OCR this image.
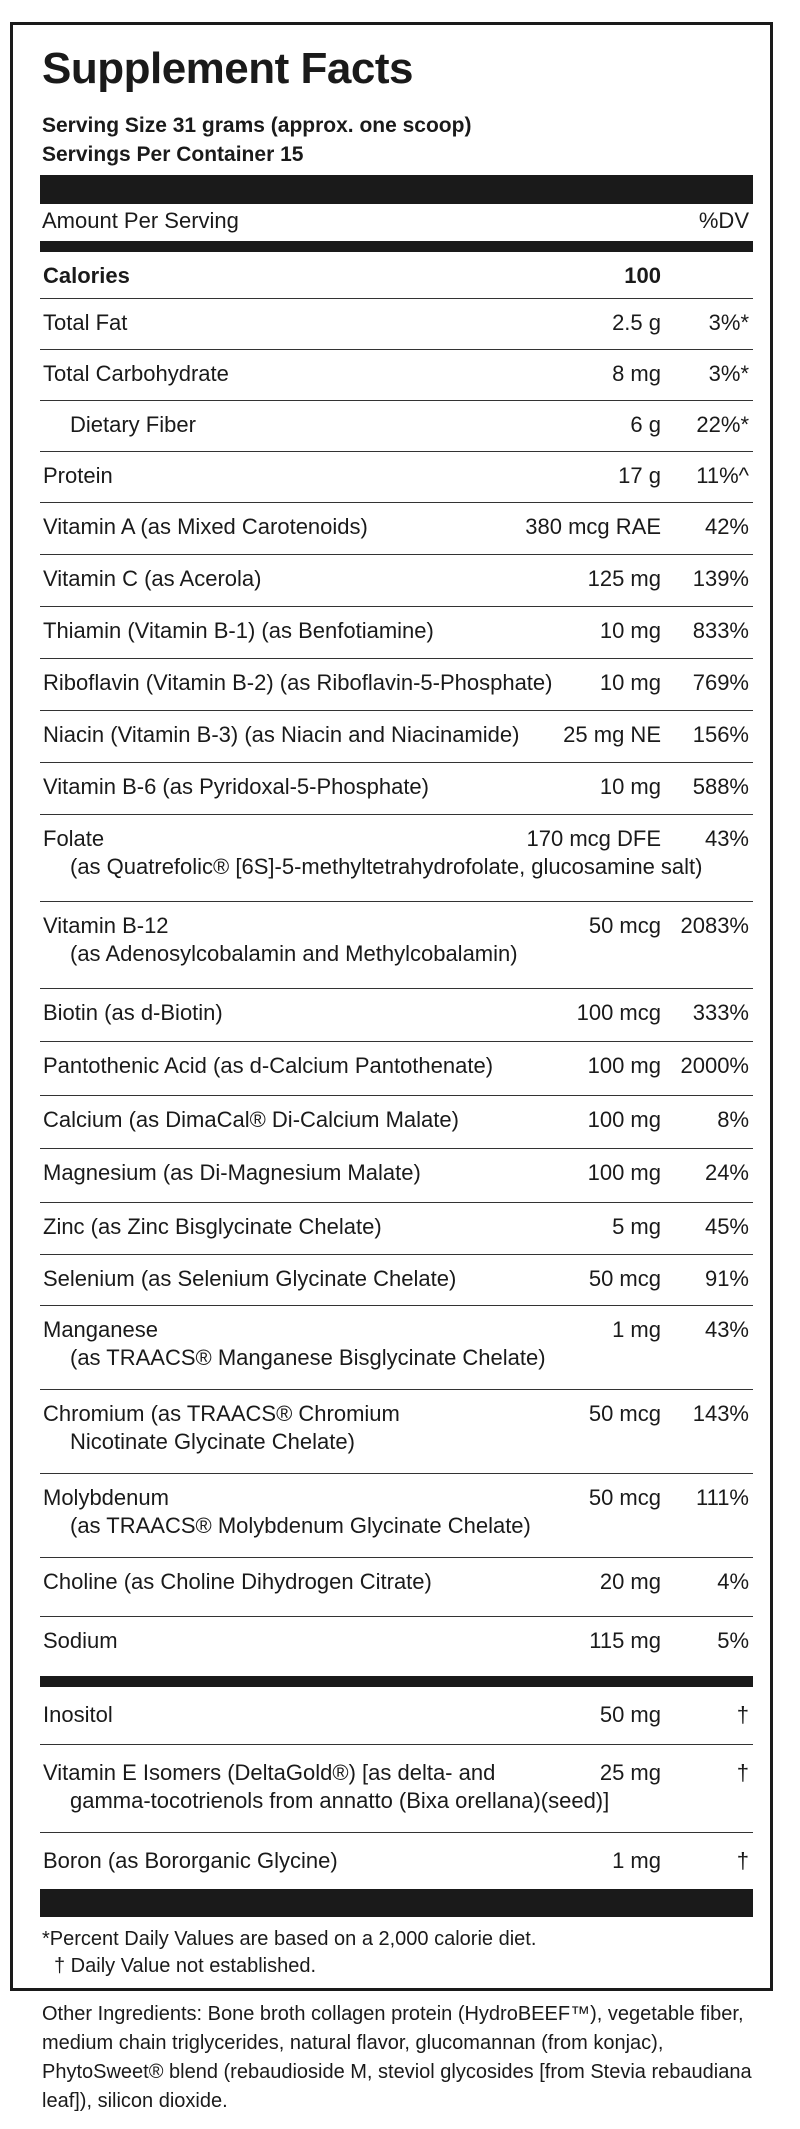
Supplement Facts
Serving Size 31 grams (approx. one scoop)
Servings Per Container 15
Amount Per Serving	%DV
Calories	100
Total Fat	2.5 g 3%*
Total Carbohydrate	8 mg 3%*
Dietary Fiber	6 g 22%*
Protein	17 g 11%^
Vitamin A (as Mixed Carotenoids)	380 mcg RAE 42%
Vitamin C (as Acerola)	125 mg 139%
Thiamin (Vitamin B-1) (as Benfotiamine)	10 mg 833%
Riboflavin (Vitamin B-2) (as Riboflavin-5-Phosphate) 10 mg 769%
Niacin (Vitamin B-3) (as Niacin and Niacinamide) 25 mg NE 156%
Vitamin B-6 (as Pyridoxal-5-Phosphate)	10 mg 588%
Folate
(as Quatrefolic® [6S]-5-methyltetrahydrofolate, glucosamine salt)
170 mcg DFE 43%
Vitamin B-12
(as Adenosylcobalamin and Methylcobalamin)
50 mcg 2083%
Biotin (as d-Biotin)	100 mcg 333%
Pantothenic Acid (as d-Calcium Pantothenate)	100 mg 2000%
Calcium (as DimaCal® Di-Calcium Malate)	100 mg	8%
Magnesium (as Di-Magnesium Malate)	100 mg 24%
Zinc (as Zinc Bisglycinate Chelate)	5 mg 45%
Selenium (as Selenium Glycinate Chelate)	50 mcg 91%
Manganese
(as TRAACS® Manganese Bisglycinate Chelate)
1 mg 43%
Chromium (as TRAACS® Chromium
Nicotinate Glycinate Chelate)
50 mcg 143%
Molybdenum
(as TRAACS® Molybdenum Glycinate Chelate)
50 mcg 111%
Choline (as Choline Dihydrogen Citrate)	20 mg	4%
Sodium	115 mg	5%
Inositol	50 mg	†
Vitamin E Isomers (DeltaGold®) [as delta- and
gamma-tocotrienols from annatto (Bixa orellana)(seed)]
25 mg	†
Boron (as Bororganic Glycine)	1 mg	†
*Percent Daily Values are based on a 2,000 calorie diet.
† Daily Value not established.
Other Ingredients: Bone broth collagen protein (HydroBEEF™), vegetable fiber, medium chain triglycerides, natural flavor, glucomannan (from konjac), PhytoSweet® blend (rebaudioside M, steviol glycosides [from Stevia rebaudiana leaf]), silicon dioxide.
